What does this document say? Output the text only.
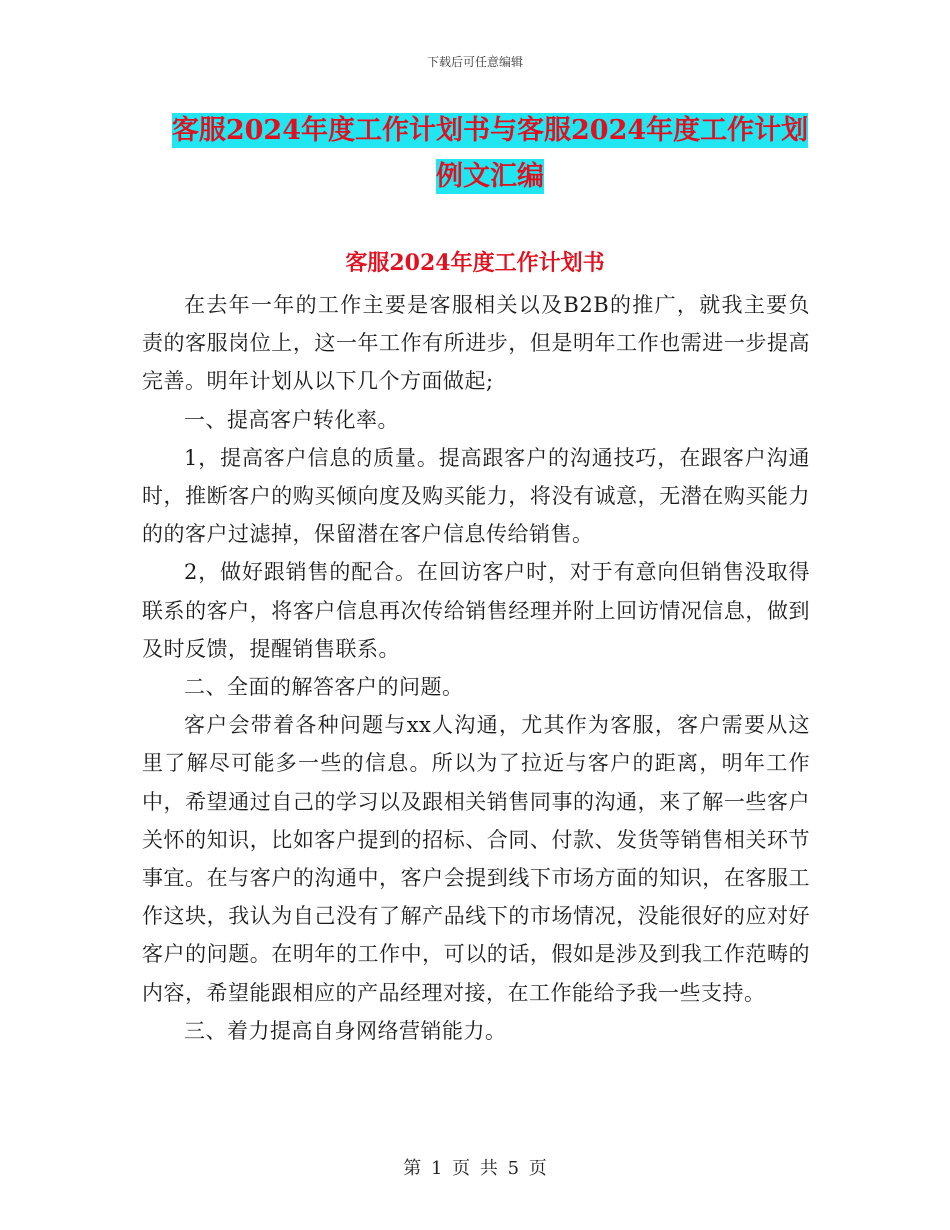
下载后可任意编辑
客服2024年度工作计划书与客服2024年度工作计划例文汇编
客服2024年度工作计划书

在去年一年的工作主要是客服相关以及B2B的推广，就我主要负责的客服岗位上，这一年工作有所进步，但是明年工作也需进一步提高完善。明年计划从以下几个方面做起;

一、提高客户转化率。

1，提高客户信息的质量。提高跟客户的沟通技巧，在跟客户沟通时，推断客户的购买倾向度及购买能力，将没有诚意，无潜在购买能力的的客户过滤掉，保留潜在客户信息传给销售。

2，做好跟销售的配合。在回访客户时，对于有意向但销售没取得联系的客户，将客户信息再次传给销售经理并附上回访情况信息，做到及时反馈，提醒销售联系。

二、全面的解答客户的问题。

客户会带着各种问题与xx人沟通，尤其作为客服，客户需要从这里了解尽可能多一些的信息。所以为了拉近与客户的距离，明年工作中，希望通过自己的学习以及跟相关销售同事的沟通，来了解一些客户关怀的知识，比如客户提到的招标、合同、付款、发货等销售相关环节事宜。在与客户的沟通中，客户会提到线下市场方面的知识，在客服工作这块，我认为自己没有了解产品线下的市场情况，没能很好的应对好客户的问题。在明年的工作中，可以的话，假如是涉及到我工作范畴的内容，希望能跟相应的产品经理对接，在工作能给予我一些支持。

三、着力提高自身网络营销能力。

第 1 页 共 5 页
